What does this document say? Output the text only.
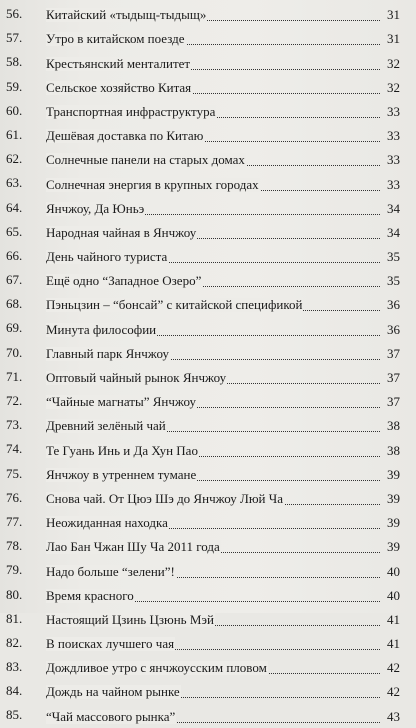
56.	Китайский «тыдыщ-тыдыщ»	31
57.	Утро в китайском поезде	31
58.	Крестьянский менталитет	32
59.	Сельское хозяйство Китая	32
60.	Транспортная инфраструктура	33
61.	Дешёвая доставка по Китаю	33
62.	Солнечные панели на старых домах	33
63.	Солнечная энергия в крупных городах	33
64.	Янчжоу, Да Юньэ	34
65.	Народная чайная в Янчжоу	34
66.	День чайного туриста	35
67.	Ещё одно “Западное Озеро”	35
68.	Пэньцзин – “бонсай” с китайской спецификой	36
69.	Минута философии	36
70.	Главный парк Янчжоу	37
71.	Оптовый чайный рынок Янчжоу	37
72.	“Чайные магнаты” Янчжоу	37
73.	Древний зелёный чай	38
74.	Те Гуань Инь и Да Хун Пао	38
75.	Янчжоу в утреннем тумане	39
76.	Снова чай. От Цюэ Шэ до Янчжоу Люй Ча	39
77.	Неожиданная находка	39
78.	Лао Бан Чжан Шу Ча 2011 года	39
79.	Надо больше “зелени”!	40
80.	Время красного	40
81.	Настоящий Цзинь Цзюнь Мэй	41
82.	В поисках лучшего чая	41
83.	Дождливое утро с янчжоусским пловом	42
84.	Дождь на чайном рынке	42
85.	“Чай массового рынка”	43
